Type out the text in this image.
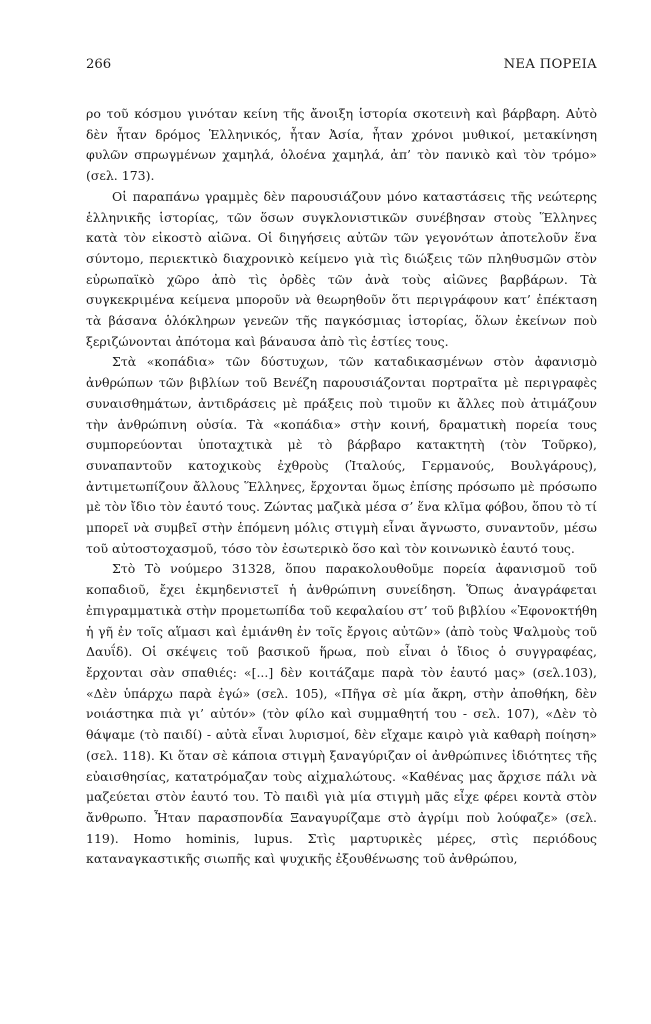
266	ΝΕΑ ΠΟΡΕΙΑ

ρο τοῦ κόσμου γινόταν κείνη τῆς ἄνοιξη ἱστορία σκοτεινὴ καὶ βάρβαρη. Αὐτὸ δὲν ἦταν δρόμος Ἑλληνικός, ἦταν Ἀσία, ἦταν χρόνοι μυθικοί, μετακίνηση φυλῶν σπρωγμένων χαμηλά, ὁλοένα χαμηλά, ἀπ’ τὸν πανικὸ καὶ τὸν τρόμο» (σελ. 173).

Οἱ παραπάνω γραμμὲς δὲν παρουσιάζουν μόνο καταστάσεις τῆς νεώτερης ἑλληνικῆς ἱστορίας, τῶν ὅσων συγκλονιστικῶν συνέβησαν στοὺς Ἕλληνες κατὰ τὸν εἰκοστὸ αἰῶνα. Οἱ διηγήσεις αὐτῶν τῶν γεγονότων ἀποτελοῦν ἕνα σύντομο, περιεκτικὸ διαχρονικὸ κείμενο γιὰ τὶς διώξεις τῶν πληθυσμῶν στὸν εὐρωπαϊκὸ χῶρο ἀπὸ τὶς ὀρδὲς τῶν ἀνὰ τοὺς αἰῶνες βαρβάρων. Τὰ συγκεκριμένα κείμενα μποροῦν νὰ θεωρηθοῦν ὅτι περιγράφουν κατ’ ἐπέκταση τὰ βάσανα ὁλόκληρων γενεῶν τῆς παγκόσμιας ἱστορίας, ὅλων ἐκείνων ποὺ ξεριζώνονται ἀπότομα καὶ βάναυσα ἀπὸ τὶς ἑστίες τους.

Στὰ «κοπάδια» τῶν δύστυχων, τῶν καταδικασμένων στὸν ἀφανισμὸ ἀνθρώπων τῶν βιβλίων τοῦ Βενέζη παρουσιάζονται πορτραῖτα μὲ περιγραφὲς συναισθημάτων, ἀντιδράσεις μὲ πράξεις ποὺ τιμοῦν κι ἄλλες ποὺ ἀτιμάζουν τὴν ἀνθρώπινη οὐσία. Τὰ «κοπάδια» στὴν κοινή, δραματικὴ πορεία τους συμπορεύονται ὑποταχτικὰ μὲ τὸ βάρβαρο κατακτητὴ (τὸν Τοῦρκο), συναπαντοῦν κατοχικοὺς ἐχθροὺς (Ἰταλούς, Γερμανούς, Βουλγάρους), ἀντιμετωπίζουν ἄλλους Ἕλληνες, ἔρχονται ὅμως ἐπίσης πρόσωπο μὲ πρόσωπο μὲ τὸν ἴδιο τὸν ἑαυτό τους. Ζώντας μαζικὰ μέσα σ’ ἕνα κλῖμα φόβου, ὅπου τὸ τί μπορεῖ νὰ συμβεῖ στὴν ἑπόμενη μόλις στιγμὴ εἶναι ἄγνωστο, συναντοῦν, μέσω τοῦ αὐτοστοχασμοῦ, τόσο τὸν ἐσωτερικὸ ὅσο καὶ τὸν κοινωνικὸ ἑαυτό τους.

Στὸ Τὸ νούμερο 31328, ὅπου παρακολουθοῦμε πορεία ἀφανισμοῦ τοῦ κοπαδιοῦ, ἔχει ἐκμηδενιστεῖ ἡ ἀνθρώπινη συνείδηση. Ὅπως ἀναγράφεται ἐπιγραμματικὰ στὴν προμετωπίδα τοῦ κεφαλαίου στ’ τοῦ βιβλίου «Ἐφονοκτήθη ἡ γῆ ἐν τοῖς αἵμασι καὶ ἐμιάνθη ἐν τοῖς ἔργοις αὐτῶν» (ἀπὸ τοὺς Ψαλμοὺς τοῦ Δαυΐδ). Οἱ σκέψεις τοῦ βασικοῦ ἥρωα, ποὺ εἶναι ὁ ἴδιος ὁ συγγραφέας, ἔρχονται σὰν σπαθιές: «[...] δὲν κοιτάζαμε παρὰ τὸν ἑαυτό μας» (σελ.103), «Δὲν ὑπάρχω παρὰ ἐγώ» (σελ. 105), «Πῆγα σὲ μία ἄκρη, στὴν ἀποθήκη, δὲν νοιάστηκα πιὰ γι’ αὐτόν» (τὸν φίλο καὶ συμμαθητή του - σελ. 107), «Δὲν τὸ θάψαμε (τὸ παιδί) - αὐτὰ εἶναι λυρισμοί, δὲν εἴχαμε καιρὸ γιὰ καθαρὴ ποίηση» (σελ. 118). Κι ὅταν σὲ κάποια στιγμὴ ξαναγύριζαν οἱ ἀνθρώπινες ἰδιότητες τῆς εὐαισθησίας, κατατρόμαζαν τοὺς αἰχμαλώτους. «Καθένας μας ἄρχισε πάλι νὰ μαζεύεται στὸν ἑαυτό του. Τὸ παιδὶ γιὰ μία στιγμὴ μᾶς εἶχε φέρει κοντὰ στὸν ἄνθρωπο. Ἦταν παρασπονδία Ξαναγυρίζαμε στὸ ἀγρίμι ποὺ λούφαζε» (σελ. 119). Homo hominis, lupus. Στὶς μαρτυρικὲς μέρες, στὶς περιόδους καταναγκαστικῆς σιωπῆς καὶ ψυχικῆς ἐξουθένωσης τοῦ ἀνθρώπου,
